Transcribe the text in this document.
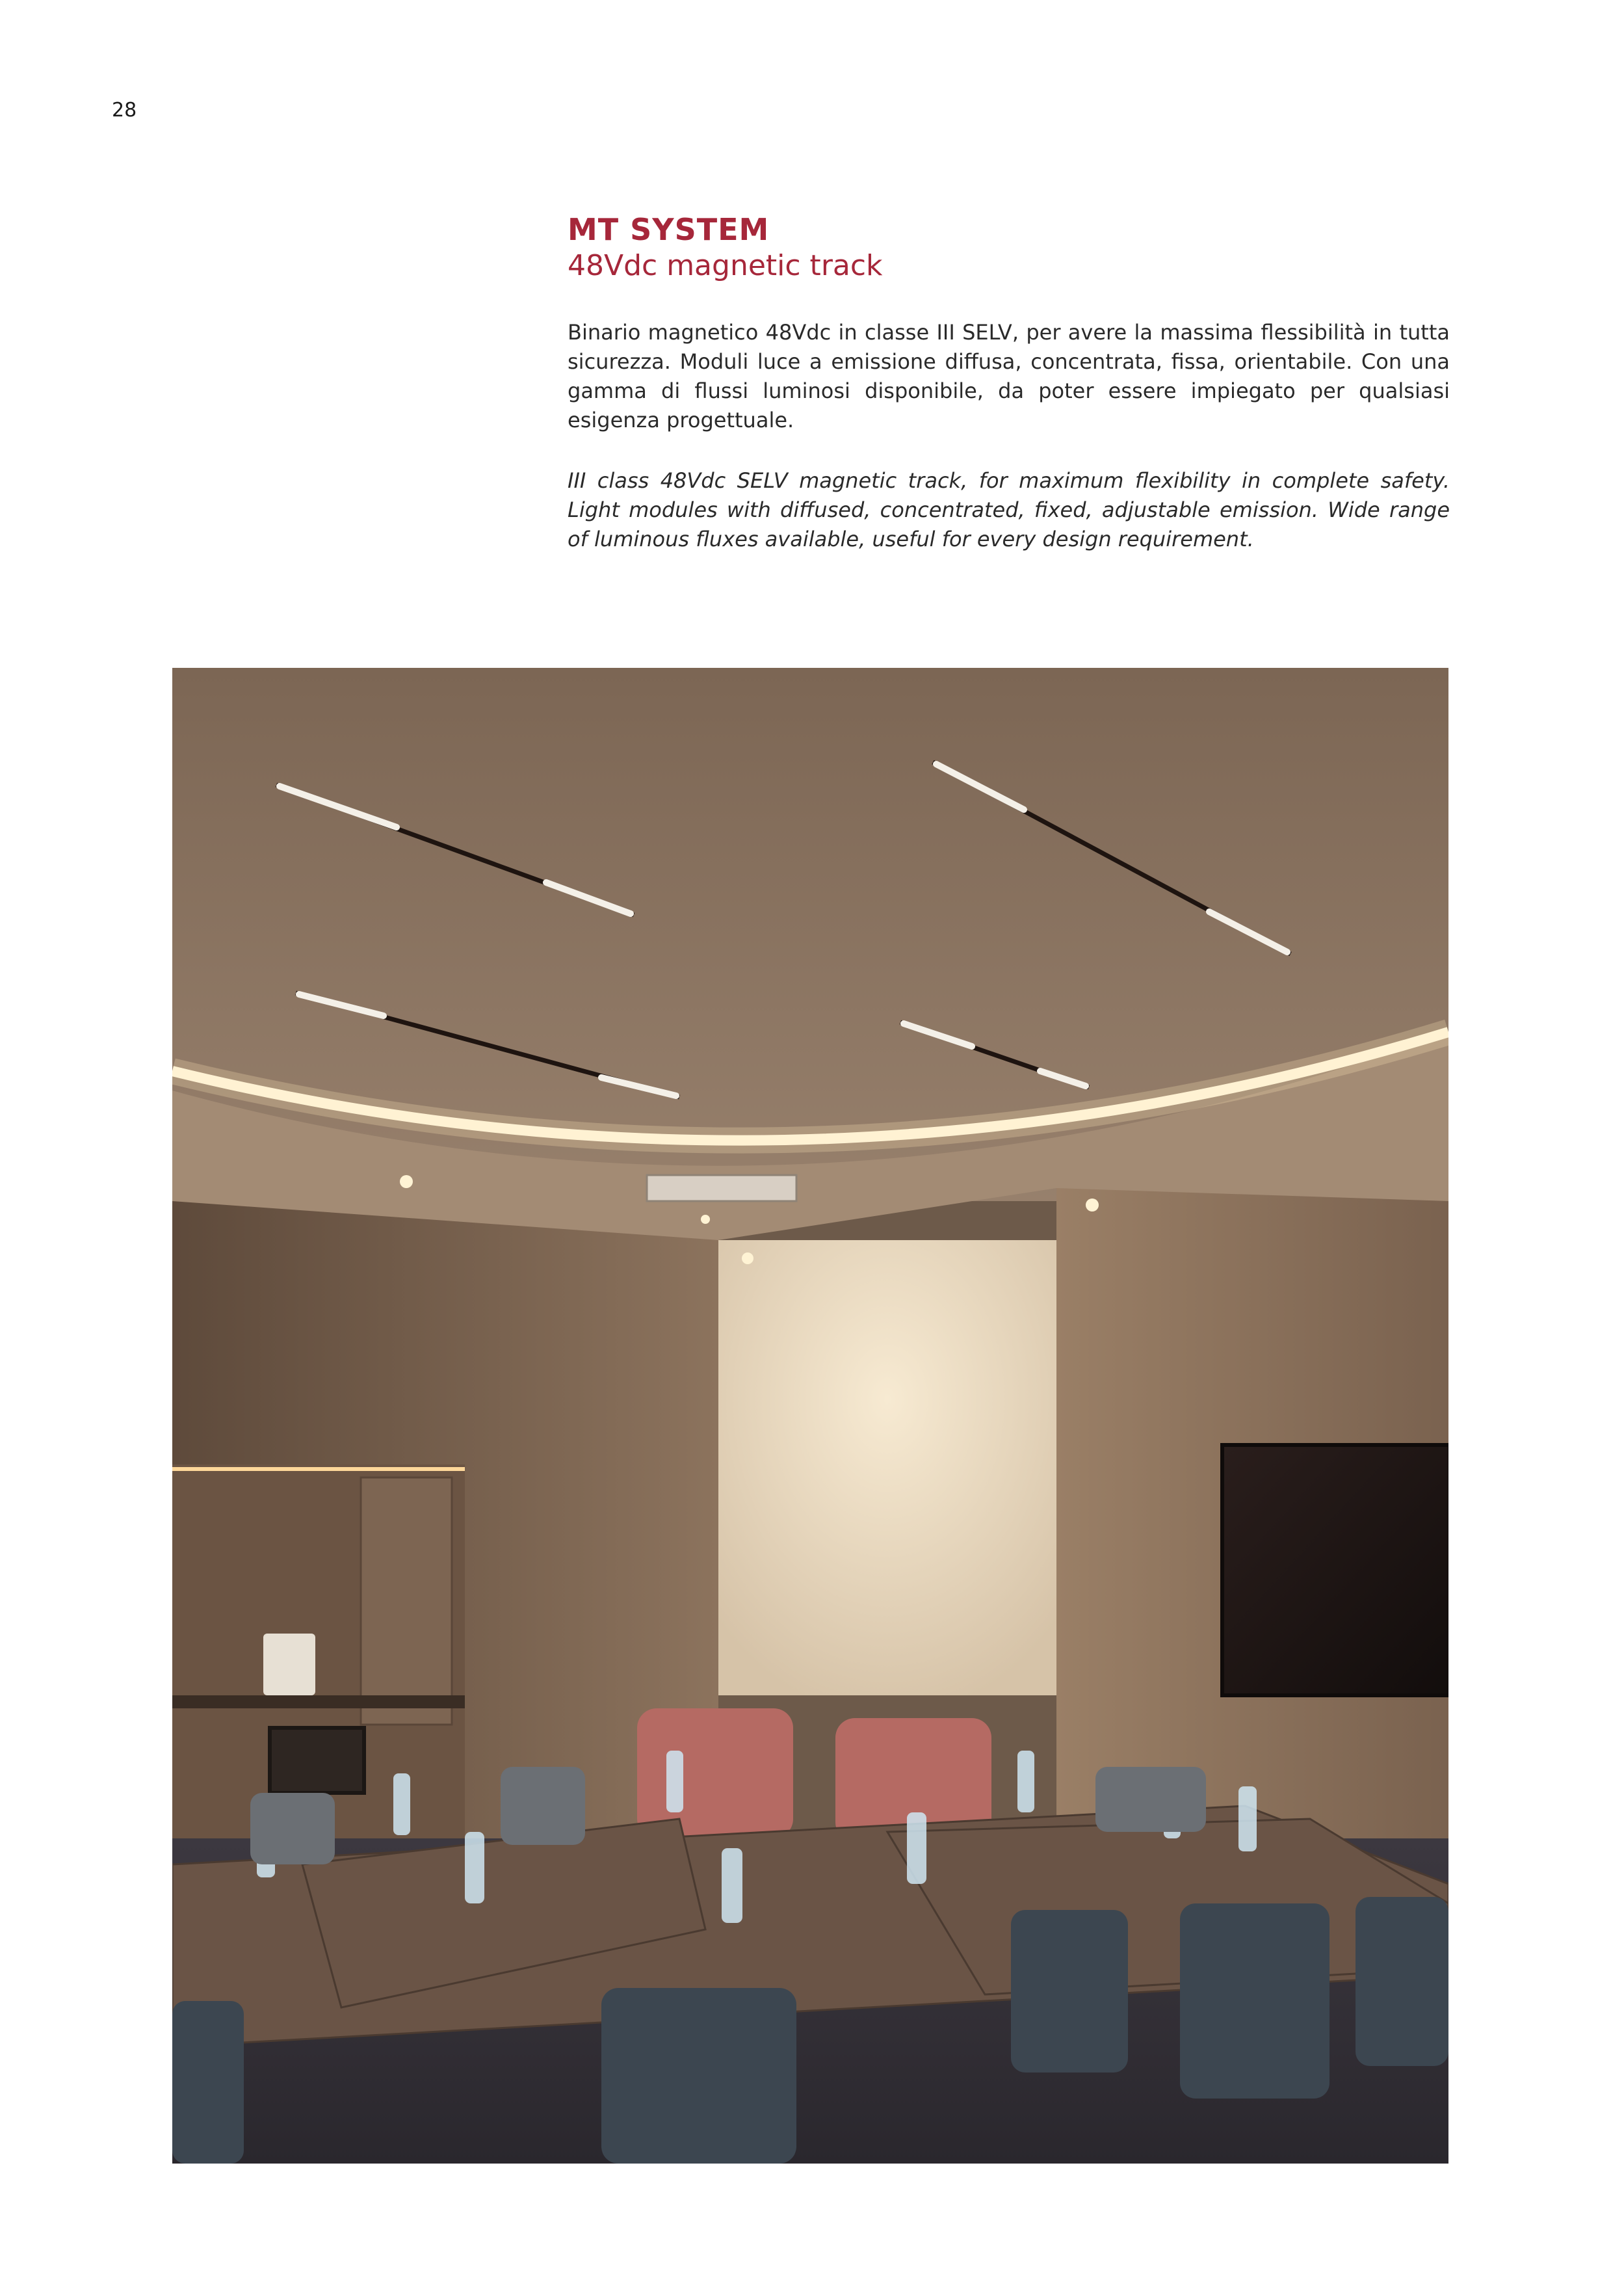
28
MT SYSTEM
48Vdc magnetic track

Binario magnetico 48Vdc in classe III SELV, per avere la massima flessibilità in tutta sicurezza. Moduli luce a emissione diffusa, concentrata, fissa, orientabile. Con una gamma di flussi luminosi disponibile, da poter essere impiegato per qualsiasi esigenza progettuale.

III class 48Vdc SELV magnetic track, for maximum flexibility in complete safety. Light modules with diffused, concentrated, fixed, adjustable emission. Wide range of luminous fluxes available, useful for every design requirement.
